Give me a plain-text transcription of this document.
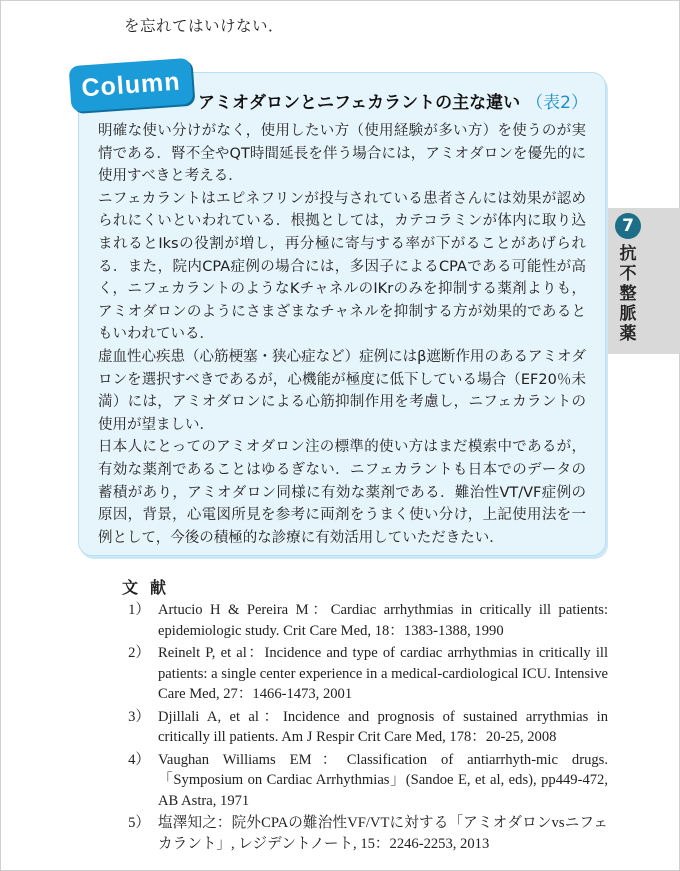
を忘れてはいけない．
7
抗不整脈薬
Column
アミオダロンとニフェカラントの主な違い （表2）

明確な使い分けがなく，使用したい方（使用経験が多い方）を使うのが実情である．腎不全やQT時間延長を伴う場合には，アミオダロンを優先的に使用すべきと考える．

ニフェカラントはエピネフリンが投与されている患者さんには効果が認められにくいといわれている．根拠としては，カテコラミンが体内に取り込まれるとIksの役割が増し，再分極に寄与する率が下がることがあげられる．また，院内CPA症例の場合には，多因子によるCPAである可能性が高く，ニフェカラントのようなKチャネルのIKrのみを抑制する薬剤よりも，アミオダロンのようにさまざまなチャネルを抑制する方が効果的であるともいわれている．

虚血性心疾患（心筋梗塞・狭心症など）症例にはβ遮断作用のあるアミオダロンを選択すべきであるが，心機能が極度に低下している場合（EF20％未満）には，アミオダロンによる心筋抑制作用を考慮し，ニフェカラントの使用が望ましい．

日本人にとってのアミオダロン注の標準的使い方はまだ模索中であるが，有効な薬剤であることはゆるぎない．ニフェカラントも日本でのデータの蓄積があり，アミオダロン同様に有効な薬剤である．難治性VT/VF症例の原因，背景，心電図所見を参考に両剤をうまく使い分け，上記使用法を一例として，今後の積極的な診療に有効活用していただきたい．

文献
1） Artucio H & Pereira M：Cardiac arrhythmias in critically ill patients: epidemiologic study. Crit Care Med, 18：1383-1388, 1990
2） Reinelt P, et al：Incidence and type of cardiac arrhythmias in critically ill patients: a single center experience in a medical-cardiological ICU. Intensive Care Med, 27：1466-1473, 2001
3） Djillali A, et al：Incidence and prognosis of sustained arrythmias in critically ill patients. Am J Respir Crit Care Med, 178：20-25, 2008
4） Vaughan Williams EM：Classification of antiarrhyth-mic drugs.「Symposium on Cardiac Arrhythmias」(Sandoe E, et al, eds), pp449-472, AB Astra, 1971
5） 塩澤知之：院外CPAの難治性VF/VTに対する「アミオダロンvsニフェカラント」, レジデントノート, 15：2246-2253, 2013
